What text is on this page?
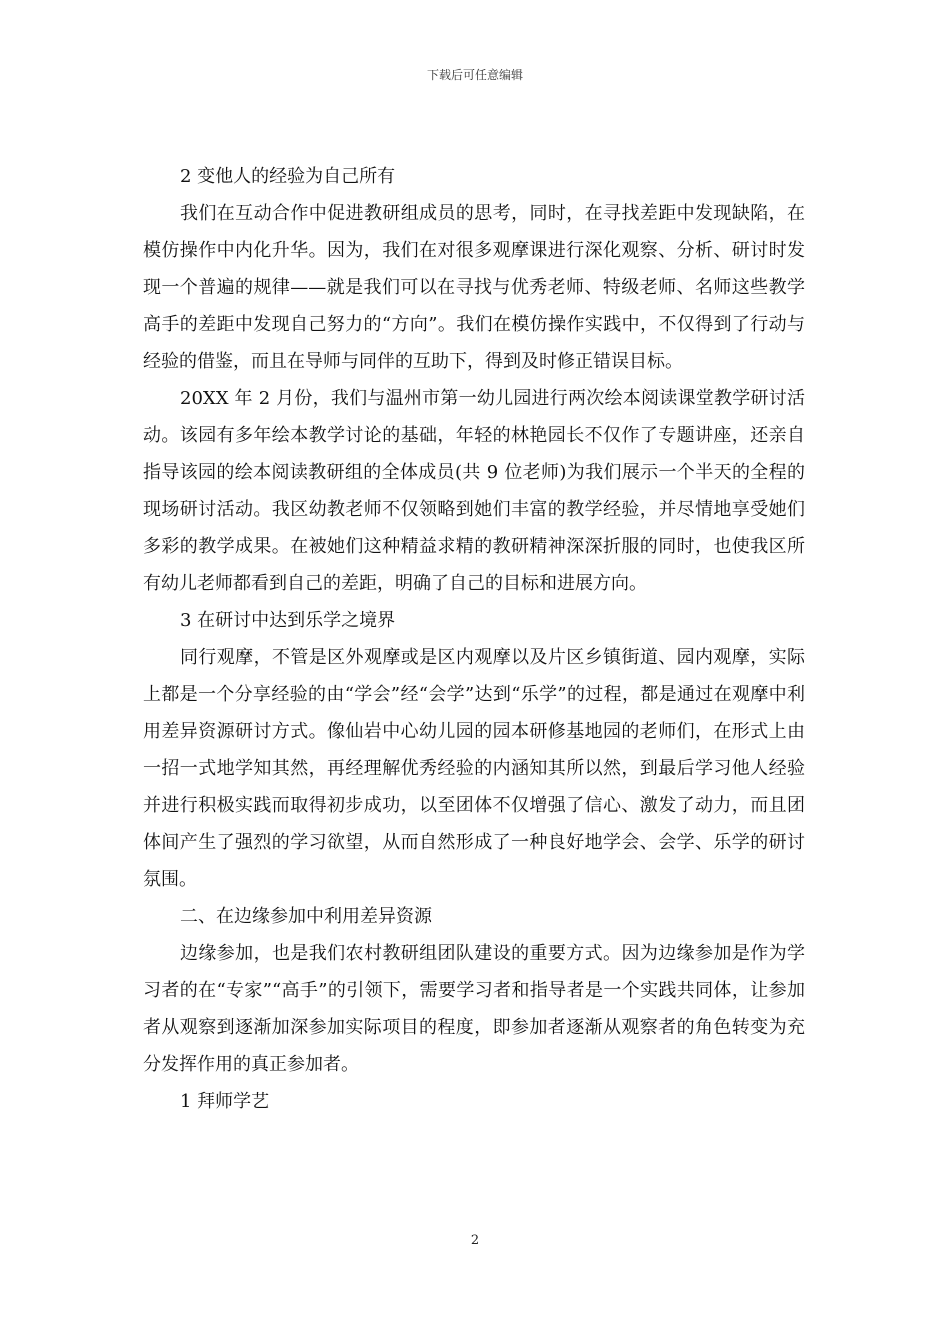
下载后可任意编辑

2 变他人的经验为自己所有

我们在互动合作中促进教研组成员的思考，同时，在寻找差距中发现缺陷，在模仿操作中内化升华。因为，我们在对很多观摩课进行深化观察、分析、研讨时发现一个普遍的规律——就是我们可以在寻找与优秀老师、特级老师、名师这些教学高手的差距中发现自己努力的“方向”。我们在模仿操作实践中，不仅得到了行动与经验的借鉴，而且在导师与同伴的互助下，得到及时修正错误目标。

20XX 年 2 月份，我们与温州市第一幼儿园进行两次绘本阅读课堂教学研讨活动。该园有多年绘本教学讨论的基础，年轻的林艳园长不仅作了专题讲座，还亲自指导该园的绘本阅读教研组的全体成员(共 9 位老师)为我们展示一个半天的全程的现场研讨活动。我区幼教老师不仅领略到她们丰富的教学经验，并尽情地享受她们多彩的教学成果。在被她们这种精益求精的教研精神深深折服的同时，也使我区所有幼儿老师都看到自己的差距，明确了自己的目标和进展方向。

3 在研讨中达到乐学之境界

同行观摩，不管是区外观摩或是区内观摩以及片区乡镇街道、园内观摩，实际上都是一个分享经验的由“学会”经“会学”达到“乐学”的过程，都是通过在观摩中利用差异资源研讨方式。像仙岩中心幼儿园的园本研修基地园的老师们，在形式上由一招一式地学知其然，再经理解优秀经验的内涵知其所以然，到最后学习他人经验并进行积极实践而取得初步成功，以至团体不仅增强了信心、激发了动力，而且团体间产生了强烈的学习欲望，从而自然形成了一种良好地学会、会学、乐学的研讨氛围。

二、在边缘参加中利用差异资源

边缘参加，也是我们农村教研组团队建设的重要方式。因为边缘参加是作为学习者的在“专家”“高手”的引领下，需要学习者和指导者是一个实践共同体，让参加者从观察到逐渐加深参加实际项目的程度，即参加者逐渐从观察者的角色转变为充分发挥作用的真正参加者。

1 拜师学艺

2
